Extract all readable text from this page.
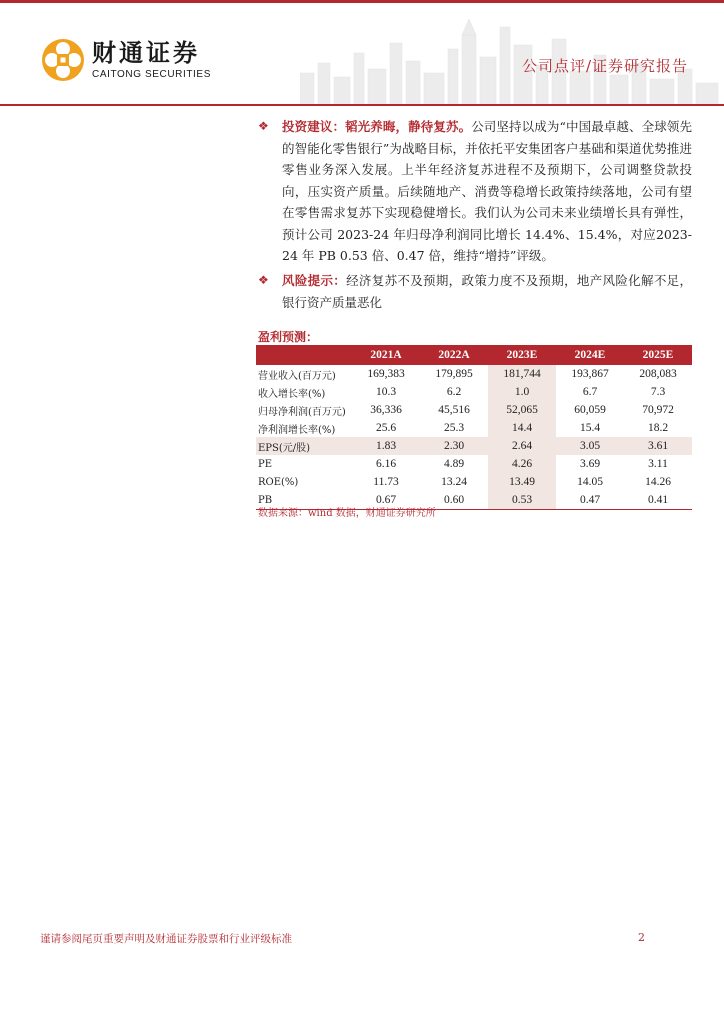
财通证券
CAITONG SECURITIES	公司点评/证券研究报告
❖	投资建议：韬光养晦，静待复苏。公司坚持以成为“中国最卓越、全球领先的智能化零售银行”为战略目标，并依托平安集团客户基础和渠道优势推进零售业务深入发展。上半年经济复苏进程不及预期下，公司调整贷款投向，压实资产质量。后续随地产、消费等稳增长政策持续落地，公司有望在零售需求复苏下实现稳健增长。我们认为公司未来业绩增长具有弹性，预计公司 2023-24 年归母净利润同比增长 14.4%、15.4%，对应2023-24 年 PB 0.53 倍、0.47 倍，维持“增持”评级。
❖	风险提示：经济复苏不及预期，政策力度不及预期，地产风险化解不足，银行资产质量恶化
盈利预测：
	2021A	2022A	2023E	2024E	2025E
营业收入(百万元)	169,383	179,895	181,744	193,867	208,083
收入增长率(%)	10.3	6.2	1.0	6.7	7.3
归母净利润(百万元)	36,336	45,516	52,065	60,059	70,972
净利润增长率(%)	25.6	25.3	14.4	15.4	18.2
EPS(元/股)	1.83	2.30	2.64	3.05	3.61
PE	6.16	4.89	4.26	3.69	3.11
ROE(%)	11.73	13.24	13.49	14.05	14.26
PB	0.67	0.60	0.53	0.47	0.41
数据来源：wind 数据，财通证券研究所
谨请参阅尾页重要声明及财通证券股票和行业评级标准	2
